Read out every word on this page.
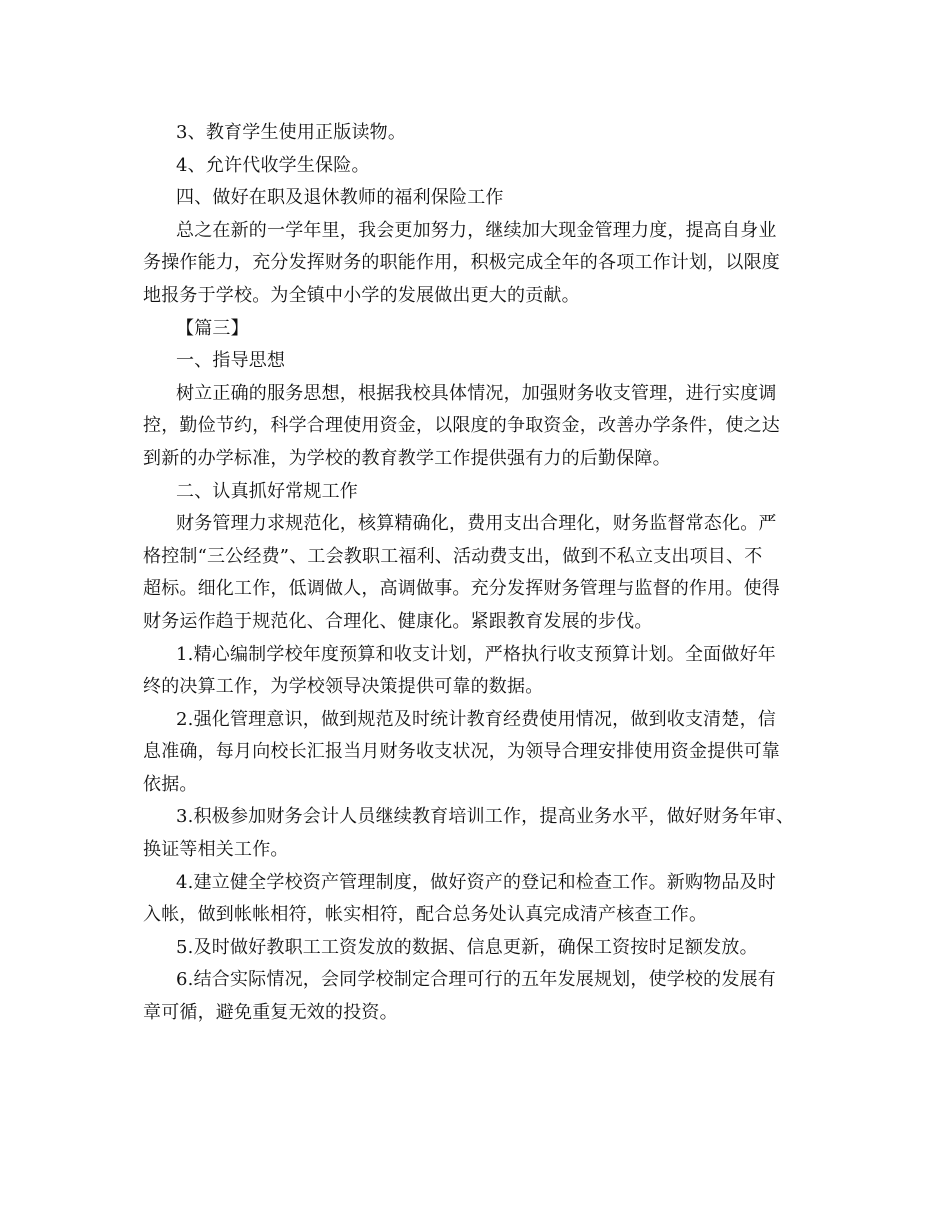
3、教育学生使用正版读物。
4、允许代收学生保险。
四、做好在职及退休教师的福利保险工作
总之在新的一学年里，我会更加努力，继续加大现金管理力度，提高自身业
务操作能力，充分发挥财务的职能作用，积极完成全年的各项工作计划，以限度
地报务于学校。为全镇中小学的发展做出更大的贡献。
【篇三】
一、指导思想
树立正确的服务思想，根据我校具体情况，加强财务收支管理，进行实度调
控，勤俭节约，科学合理使用资金，以限度的争取资金，改善办学条件，使之达
到新的办学标准，为学校的教育教学工作提供强有力的后勤保障。
二、认真抓好常规工作
财务管理力求规范化，核算精确化，费用支出合理化，财务监督常态化。严
格控制“三公经费”、工会教职工福利、活动费支出，做到不私立支出项目、不
超标。细化工作，低调做人，高调做事。充分发挥财务管理与监督的作用。使得
财务运作趋于规范化、合理化、健康化。紧跟教育发展的步伐。
1.精心编制学校年度预算和收支计划，严格执行收支预算计划。全面做好年
终的决算工作，为学校领导决策提供可靠的数据。
2.强化管理意识，做到规范及时统计教育经费使用情况，做到收支清楚，信
息准确，每月向校长汇报当月财务收支状况，为领导合理安排使用资金提供可靠
依据。
3.积极参加财务会计人员继续教育培训工作，提高业务水平，做好财务年审、
换证等相关工作。
4.建立健全学校资产管理制度，做好资产的登记和检查工作。新购物品及时
入帐，做到帐帐相符，帐实相符，配合总务处认真完成清产核查工作。
5.及时做好教职工工资发放的数据、信息更新，确保工资按时足额发放。
6.结合实际情况，会同学校制定合理可行的五年发展规划，使学校的发展有
章可循，避免重复无效的投资。
